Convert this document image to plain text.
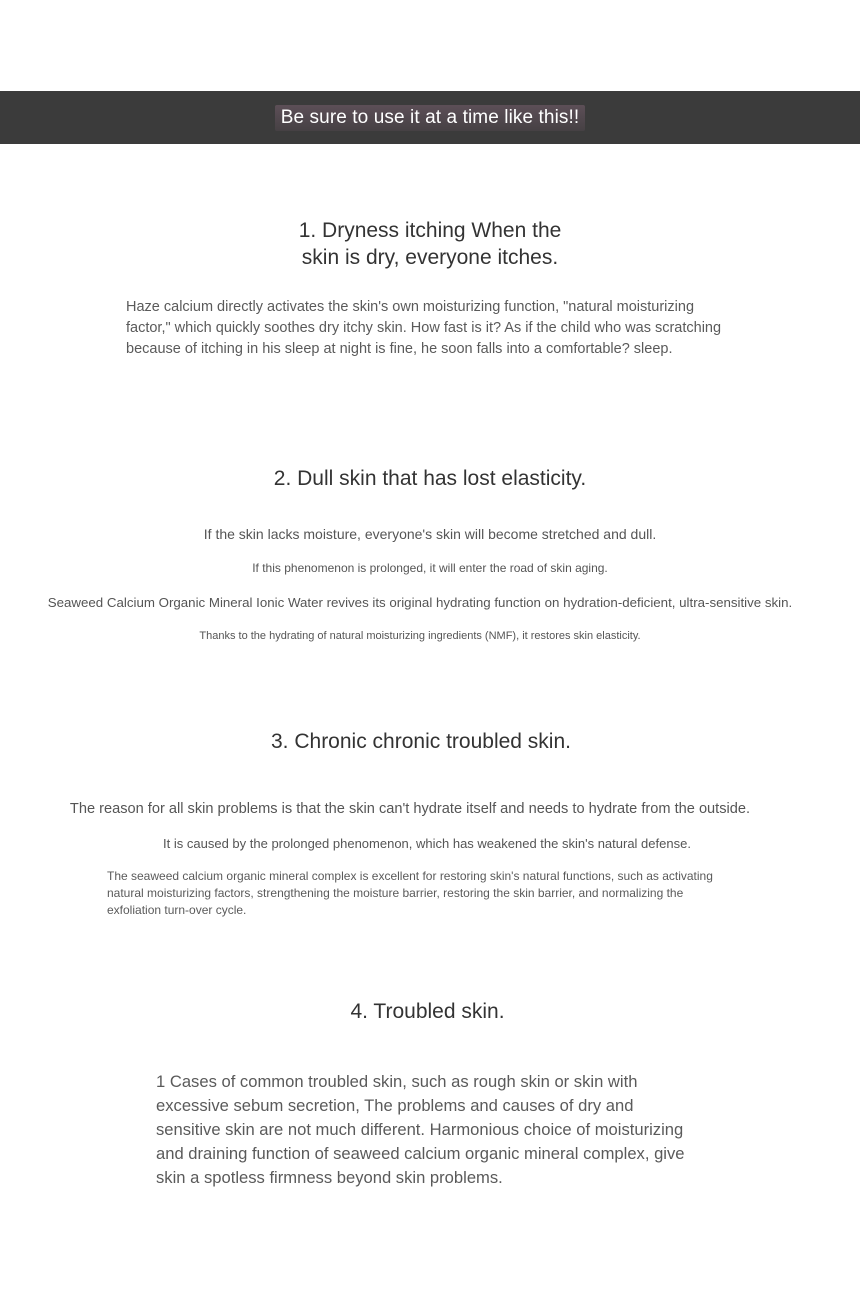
Be sure to use it at a time like this!!
1. Dryness itching When the
skin is dry, everyone itches.

Haze calcium directly activates the skin's own moisturizing function, "natural moisturizing factor," which quickly soothes dry itchy skin. How fast is it? As if the child who was scratching because of itching in his sleep at night is fine, he soon falls into a comfortable? sleep.

2. Dull skin that has lost elasticity.
If the skin lacks moisture, everyone's skin will become stretched and dull.
If this phenomenon is prolonged, it will enter the road of skin aging.
Seaweed Calcium Organic Mineral Ionic Water revives its original hydrating function on hydration-deficient, ultra-sensitive skin.
Thanks to the hydrating of natural moisturizing ingredients (NMF), it restores skin elasticity.
3. Chronic chronic troubled skin.
The reason for all skin problems is that the skin can't hydrate itself and needs to hydrate from the outside.
It is caused by the prolonged phenomenon, which has weakened the skin's natural defense.

The seaweed calcium organic mineral complex is excellent for restoring skin's natural functions, such as activating natural moisturizing factors, strengthening the moisture barrier, restoring the skin barrier, and normalizing the exfoliation turn-over cycle.

4. Troubled skin.

1 Cases of common troubled skin, such as rough skin or skin with excessive sebum secretion, The problems and causes of dry and sensitive skin are not much different. Harmonious choice of moisturizing and draining function of seaweed calcium organic mineral complex, give skin a spotless firmness beyond skin problems.
